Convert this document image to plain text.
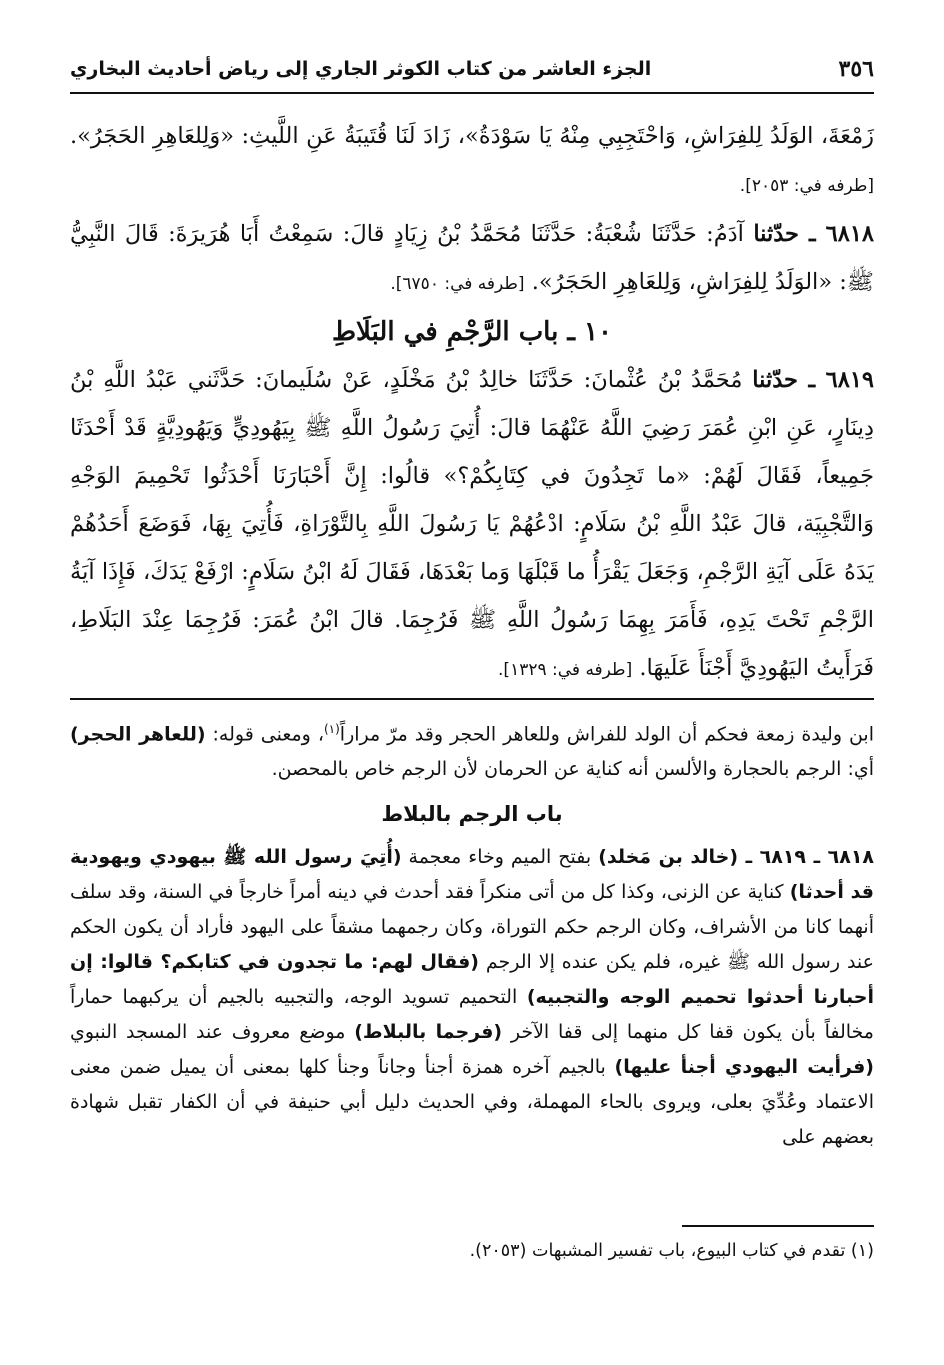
٣٥٦
الجزء العاشر من كتاب الكوثر الجاري إلى رياض أحاديث البخاري

زَمْعَةَ، الوَلَدُ لِلفِرَاشِ، وَاحْتَجِبِي مِنْهُ يَا سَوْدَةُ»، زَادَ لَنَا قُتَيبَةُ عَنِ اللَّيثِ: «وَلِلعَاهِرِ الحَجَرُ». [طرفه في: ٢٠٥٣].

٦٨١٨ ـ حدّثنا آدَمُ: حَدَّثَنَا شُعْبَةُ: حَدَّثَنَا مُحَمَّدُ بْنُ زِيَادٍ قالَ: سَمِعْتُ أَبَا هُرَيرَةَ: قَالَ النَّبِيُّ ﷺ: «الوَلَدُ لِلفِرَاشِ، وَلِلعَاهِرِ الحَجَرُ». [طرفه في: ٦٧٥٠].

١٠ ـ باب الرَّجْمِ في البَلَاطِ

٦٨١٩ ـ حدّثنا مُحَمَّدُ بْنُ عُثْمانَ: حَدَّثَنَا خالِدُ بْنُ مَخْلَدٍ، عَنْ سُلَيمانَ: حَدَّثَني عَبْدُ اللَّهِ بْنُ دِينَارٍ، عَنِ ابْنِ عُمَرَ رَضِيَ اللَّهُ عَنْهُمَا قالَ: أُتِيَ رَسُولُ اللَّهِ ﷺ بِيَهُودِيٍّ وَيَهُودِيَّةٍ قَدْ أَحْدَثَا جَمِيعاً، فَقَالَ لَهُمْ: «ما تَجِدُونَ في كِتَابِكُمْ؟» قالُوا: إِنَّ أَحْبَارَنَا أَحْدَثُوا تَحْمِيمَ الوَجْهِ وَالتَّجْبِيَة، قالَ عَبْدُ اللَّهِ بْنُ سَلَامٍ: ادْعُهُمْ يَا رَسُولَ اللَّهِ بِالتَّوْرَاةِ، فَأُتِيَ بِهَا، فَوَضَعَ أَحَدُهُمْ يَدَهُ عَلَى آيَةِ الرَّجْمِ، وَجَعَلَ يَقْرَأُ ما قَبْلَهَا وَما بَعْدَهَا، فَقَالَ لَهُ ابْنُ سَلَامٍ: ارْفَعْ يَدَكَ، فَإِذَا آيَةُ الرَّجْمِ تَحْتَ يَدِهِ، فَأَمَرَ بِهِمَا رَسُولُ اللَّهِ ﷺ فَرُجِمَا. قالَ ابْنُ عُمَرَ: فَرُجِمَا عِنْدَ البَلَاطِ، فَرَأَيتُ اليَهُودِيَّ أَجْنَأَ عَلَيهَا. [طرفه في: ١٣٢٩].

ابن وليدة زمعة فحكم أن الولد للفراش وللعاهر الحجر وقد مرّ مراراً$^{(١)}$، ومعنى قوله: (للعاهر الحجر) أي: الرجم بالحجارة والألسن أنه كناية عن الحرمان لأن الرجم خاص بالمحصن.

باب الرجم بالبلاط

٦٨١٨ ـ ٦٨١٩ ـ (خالد بن مَخلد) بفتح الميم وخاء معجمة (أُتِيَ رسول الله ﷺ بيهودي ويهودية قد أحدثا) كناية عن الزنى، وكذا كل من أتى منكراً فقد أحدث في دينه أمراً خارجاً في السنة، وقد سلف أنهما كانا من الأشراف، وكان الرجم حكم التوراة، وكان رجمهما مشقاً على اليهود فأراد أن يكون الحكم عند رسول الله ﷺ غيره، فلم يكن عنده إلا الرجم (فقال لهم: ما تجدون في كتابكم؟ قالوا: إن أحبارنا أحدثوا تحميم الوجه والتجبيه) التحميم تسويد الوجه، والتجبيه بالجيم أن يركبهما حماراً مخالفاً بأن يكون قفا كل منهما إلى قفا الآخر (فرجما بالبلاط) موضع معروف عند المسجد النبوي (فرأيت اليهودي أجنأ عليها) بالجيم آخره همزة أجنأ وجاناً وجنأ كلها بمعنى أن يميل ضمن معنى الاعتماد وعُدِّيَ بعلى، ويروى بالحاء المهملة، وفي الحديث دليل أبي حنيفة في أن الكفار تقبل شهادة بعضهم على

(١) تقدم في كتاب البيوع، باب تفسير المشبهات (٢٠٥٣).
